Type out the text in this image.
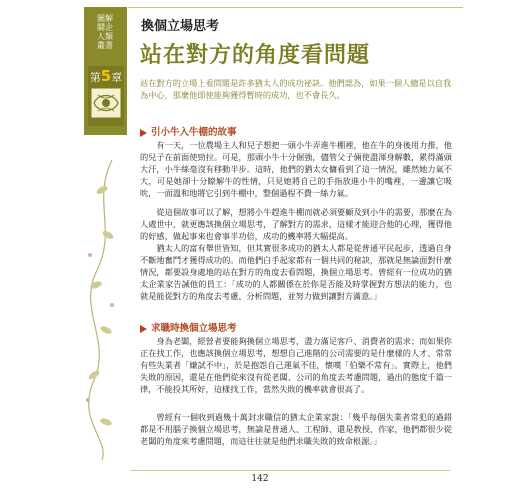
圖解鬪企人類叢書
第5章
換個立場思考
站在對方的角度看問題
站在對方的立場上看問題是許多猶太人的成功祕訣。他們認為，如果一個人總是以自我為中心，那麼他即使能夠獲得暫時的成功，也不會長久。
引小牛入牛棚的故事
有一天，一位農場主人和兒子想把一頭小牛弄進牛棚裡，他在牛的身後用力推，他的兒子在前面使勁拉。可是，那頭小牛十分倔強，儘管父子倆使盡渾身解數，累得滿頭大汗，小牛絲毫沒有移動半步。這時，他們的猶太女傭看到了這一情況，雖然她力氣不大，可是她卻十分瞭解牛的性情，只見她將自己的手指放進小牛的嘴裡，一邊讓它吸吮，一面溫和地將它引到牛棚中，整個過程不費一絲力氣。
從這個故事可以了解，想將小牛趕進牛棚而就必須要顧及到小牛的需要，那麼在為人處世中，就更應該換個立場思考，了解對方的需求，這樣才能迎合他的心理，獲得他的好感，做起事來也會事半功倍，成功的機率將大幅提高。
猶太人的富有舉世皆知，但其實很多成功的猶太人都是從普通平民起步，透過自身不斷地奮鬥才獲得成功的。而他們白手起家都有一個共同的秘訣，那就是無論面對什麼情況，都要設身處地的站在對方的角度去看問題，換個立場思考。曾經有一位成功的猶太企業家告誡他的員工：「成功的人都關係在於你是否能及時掌握對方想法的能力，也就是能從對方的角度去考慮、分析問題，並努力做到讓對方滿意。」
求職時換個立場思考
身為老闆，經營者要能夠換個立場思考，盡力滿足客戶、消費者的需求；而如果你正在找工作，也應該換個立場思考，想想自己進階的公司需要的是什麼樣的人才、常常有些失業者「嫌試不中」，於是抱怨自己運氣不佳，懷嘆「伯樂不常有」。實際上，他們失敗的原因，還是在他們從來沒有從老闆、公司的角度去考慮問題，過出的態度千篇一律，不能投其所好，這樣找工作，當然失敗的機率就會很高了。
曾經有一個收到過幾十萬封求職信的猶太企業家說：「幾乎每個失業者常犯的過錯都是不用腦子換個立場思考，無論是普通人、工程師、還是教授、作家，他們都很少從老闆的角度來考慮問題，而這往往就是他們求職失敗的致命根源。」
142
